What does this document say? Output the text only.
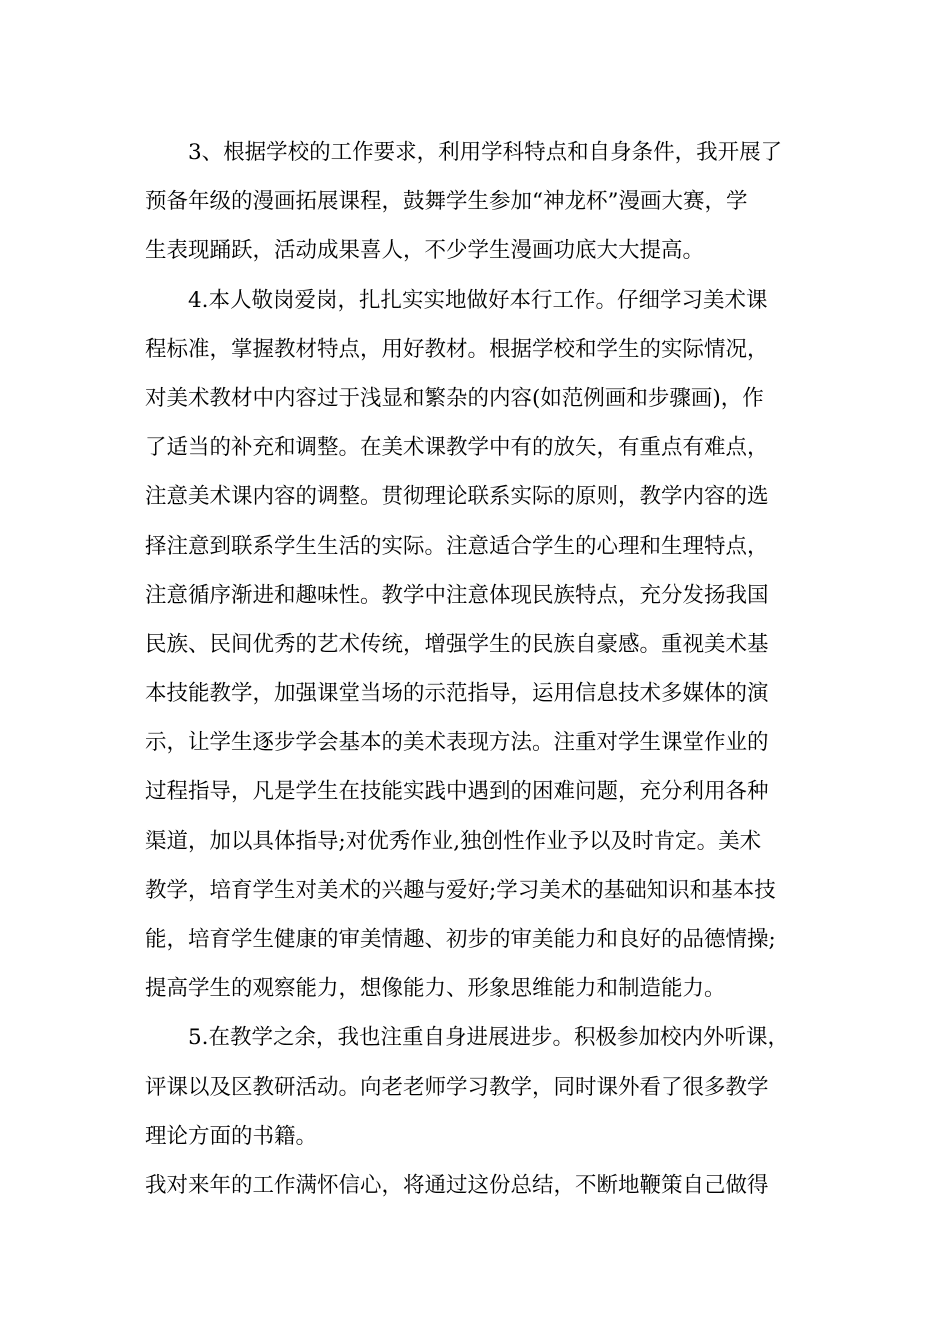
3、根据学校的工作要求，利用学科特点和自身条件，我开展了
预备年级的漫画拓展课程，鼓舞学生参加“神龙杯”漫画大赛，学
生表现踊跃，活动成果喜人，不少学生漫画功底大大提高。
4.本人敬岗爱岗，扎扎实实地做好本行工作。仔细学习美术课
程标准，掌握教材特点，用好教材。根据学校和学生的实际情况，
对美术教材中内容过于浅显和繁杂的内容(如范例画和步骤画)，作
了适当的补充和调整。在美术课教学中有的放矢，有重点有难点，
注意美术课内容的调整。贯彻理论联系实际的原则，教学内容的选
择注意到联系学生生活的实际。注意适合学生的心理和生理特点，
注意循序渐进和趣味性。教学中注意体现民族特点，充分发扬我国
民族、民间优秀的艺术传统，增强学生的民族自豪感。重视美术基
本技能教学，加强课堂当场的示范指导，运用信息技术多媒体的演
示，让学生逐步学会基本的美术表现方法。注重对学生课堂作业的
过程指导，凡是学生在技能实践中遇到的困难问题，充分利用各种
渠道，加以具体指导;对优秀作业,独创性作业予以及时肯定。美术
教学，培育学生对美术的兴趣与爱好;学习美术的基础知识和基本技
能，培育学生健康的审美情趣、初步的审美能力和良好的品德情操;
提高学生的观察能力，想像能力、形象思维能力和制造能力。
5.在教学之余，我也注重自身进展进步。积极参加校内外听课，
评课以及区教研活动。向老老师学习教学，同时课外看了很多教学
理论方面的书籍。
我对来年的工作满怀信心，将通过这份总结，不断地鞭策自己做得
